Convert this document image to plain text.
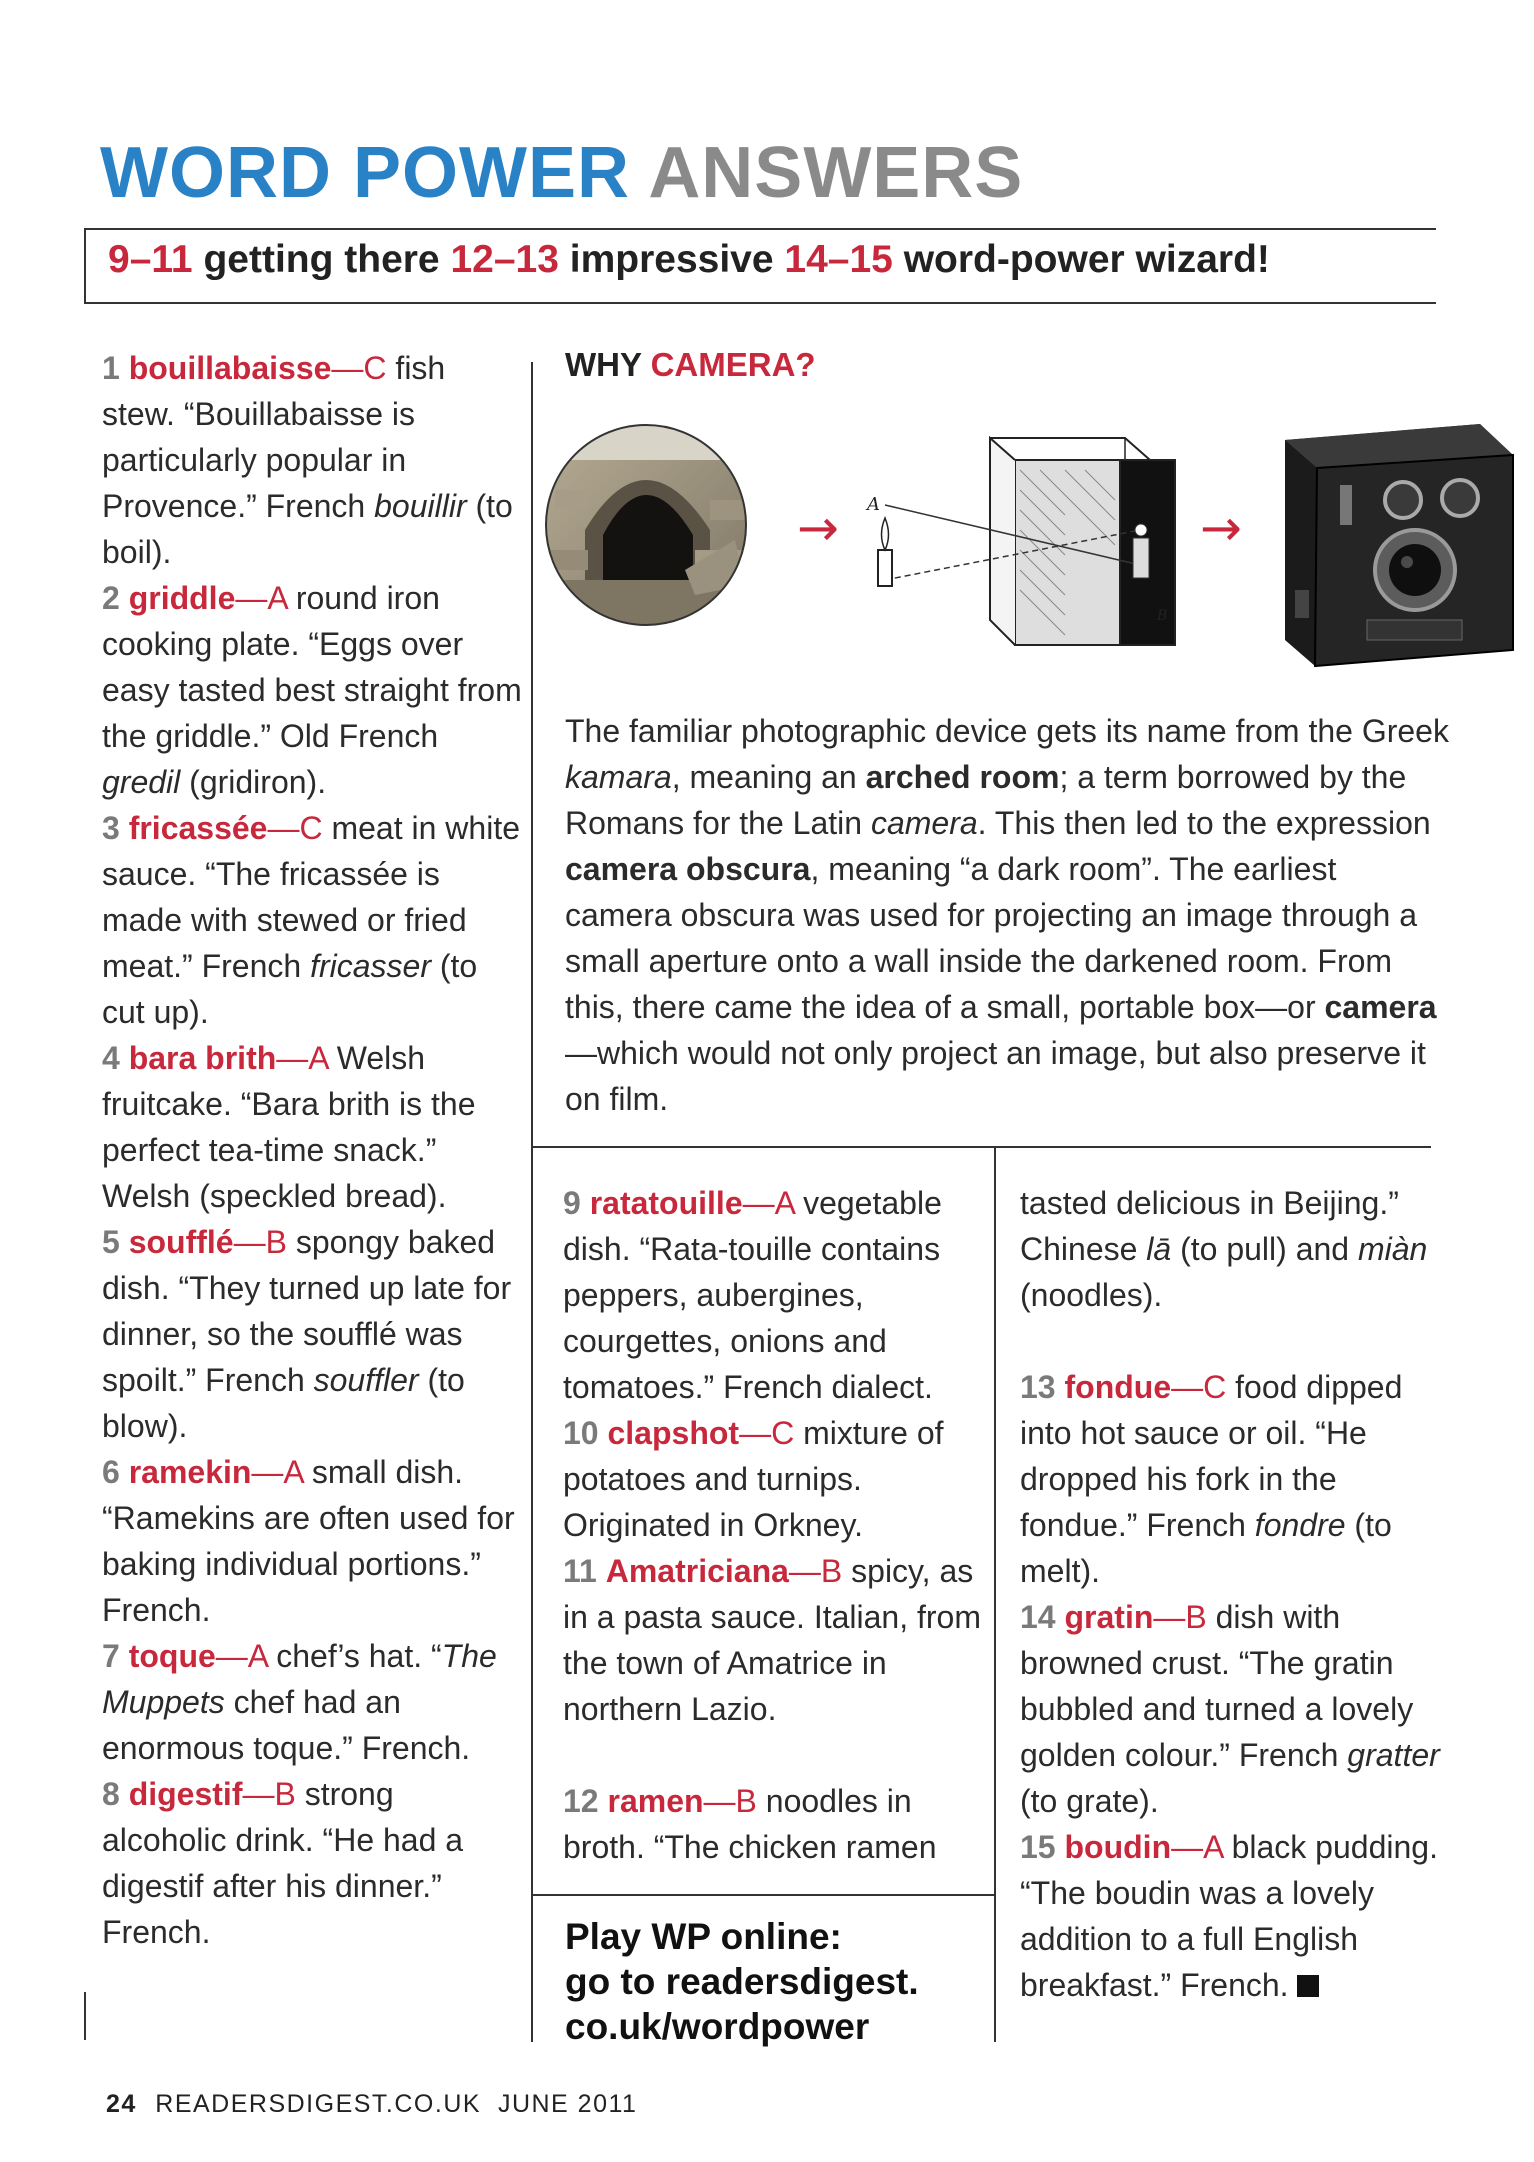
WORD POWER ANSWERS
9–11 getting there 12–13 impressive 14–15 word-power wizard!

1 bouillabaisse—C fish stew. “Bouillabaisse is particularly popular in Provence.” French bouillir (to boil).

2 griddle—A round iron cooking plate. “Eggs over easy tasted best straight from the griddle.” Old French gredil (gridiron).

3 fricassée—C meat in white sauce. “The fricassée is made with stewed or fried meat.” French fricasser (to cut up).

4 bara brith—A Welsh fruitcake. “Bara brith is the perfect tea-time snack.” Welsh (speckled bread).

5 soufflé—B spongy baked dish. “They turned up late for dinner, so the soufflé was spoilt.” French souffler (to blow).

6 ramekin—A small dish. “Ramekins are often used for baking individual portions.” French.

7 toque—A chef’s hat. “The Muppets chef had an enormous toque.” French.

8 digestif—B strong alcoholic drink. “He had a digestif after his dinner.” French.

WHY CAMERA?
→ A
B
→

The familiar photographic device gets its name from the Greek kamara, meaning an arched room; a term borrowed by the Romans for the Latin camera. This then led to the expression camera obscura, meaning “a dark room”. The earliest camera obscura was used for projecting an image through a small aperture onto a wall inside the darkened room. From this, there came the idea of a small, portable box—or camera—which would not only project an image, but also preserve it on film.

9 ratatouille—A vegetable dish. “Rata-touille contains peppers, aubergines, courgettes, onions and tomatoes.” French dialect.

10 clapshot—C mixture of potatoes and turnips. Originated in Orkney.

11 Amatriciana—B spicy, as in a pasta sauce. Italian, from the town of Amatrice in northern Lazio.

12 ramen—B noodles in broth. “The chicken ramen

tasted delicious in Beijing.” Chinese lā (to pull) and miàn (noodles).

13 fondue—C food dipped into hot sauce or oil. “He dropped his fork in the fondue.” French fondre (to melt).

14 gratin—B dish with browned crust. “The gratin bubbled and turned a lovely golden colour.” French gratter (to grate).

15 boudin—A black pudding. “The boudin was a lovely addition to a full English breakfast.” French.

Play WP online:
go to readersdigest.
co.uk/wordpower
24 READERSDIGEST.CO.UK JUNE 2011
